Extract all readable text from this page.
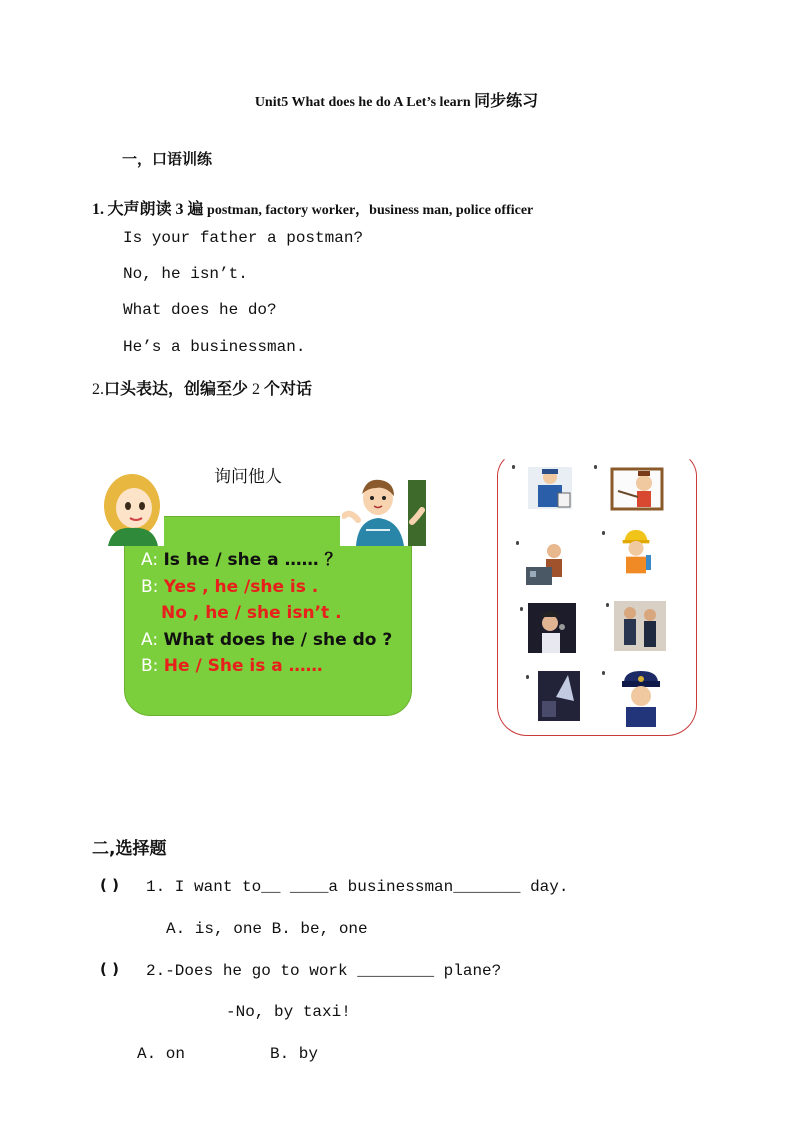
Unit5 What does he do A Let’s learn 同步练习
一，口语训练
1. 大声朗读 3 遍 postman, factory worker，business man, police officer
Is your father a postman?
No, he isn’t.
What does he do?
He’s a businessman.
2.口头表达，创编至少 2 个对话
询问他人
A: Is he / she a …… ？
B: Yes , he /she is .
No , he / she isn’t .
A: What does he / she do ?
B: He / She is a ……
二,选择题
( ) 1. I want to__ ____a businessman_______ day.
A. is, one B. be, one
( ) 2.-Does he go to work ________ plane?
-No, by taxi!
A. on	B. by
